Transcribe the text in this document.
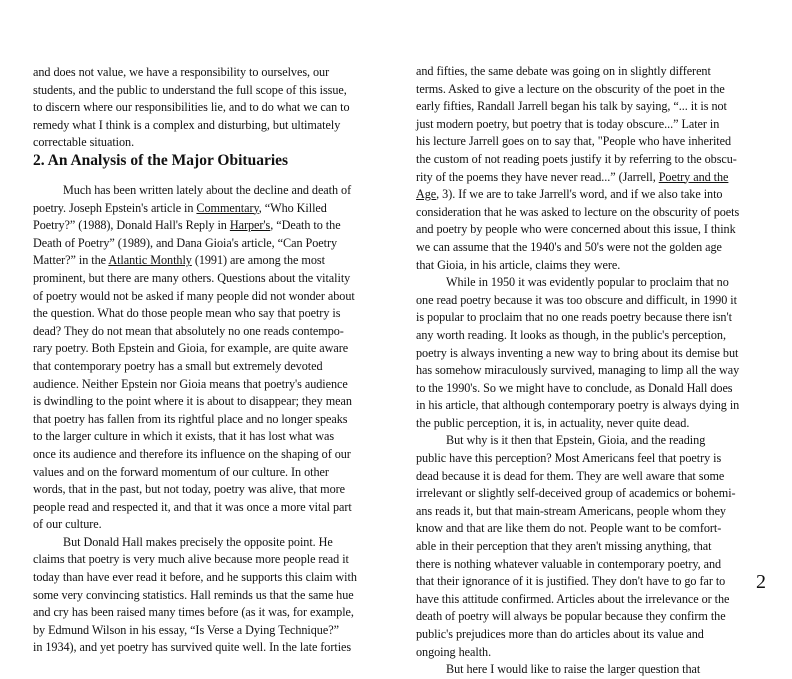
and does not value, we have a responsibility to ourselves, our
students, and the public to understand the full scope of this issue,
to discern where our responsibilities lie, and to do what we can to
remedy what I think is a complex and disturbing, but ultimately
correctable situation.
2. An Analysis of the Major Obituaries
Much has been written lately about the decline and death of
poetry. Joseph Epstein's article in Commentary, “Who Killed
Poetry?” (1988), Donald Hall's Reply in Harper's, “Death to the
Death of Poetry” (1989), and Dana Gioia's article, “Can Poetry
Matter?” in the Atlantic Monthly (1991) are among the most
prominent, but there are many others. Questions about the vitality
of poetry would not be asked if many people did not wonder about
the question. What do those people mean who say that poetry is
dead? They do not mean that absolutely no one reads contempo-
rary poetry. Both Epstein and Gioia, for example, are quite aware
that contemporary poetry has a small but extremely devoted
audience. Neither Epstein nor Gioia means that poetry's audience
is dwindling to the point where it is about to disappear; they mean
that poetry has fallen from its rightful place and no longer speaks
to the larger culture in which it exists, that it has lost what was
once its audience and therefore its influence on the shaping of our
values and on the forward momentum of our culture. In other
words, that in the past, but not today, poetry was alive, that more
people read and respected it, and that it was once a more vital part
of our culture.
But Donald Hall makes precisely the opposite point. He
claims that poetry is very much alive because more people read it
today than have ever read it before, and he supports this claim with
some very convincing statistics. Hall reminds us that the same hue
and cry has been raised many times before (as it was, for example,
by Edmund Wilson in his essay, “Is Verse a Dying Technique?”
in 1934), and yet poetry has survived quite well. In the late forties
and fifties, the same debate was going on in slightly different
terms. Asked to give a lecture on the obscurity of the poet in the
early fifties, Randall Jarrell began his talk by saying, “... it is not
just modern poetry, but poetry that is today obscure...” Later in
his lecture Jarrell goes on to say that, "People who have inherited
the custom of not reading poets justify it by referring to the obscu-
rity of the poems they have never read...” (Jarrell, Poetry and the
Age, 3). If we are to take Jarrell's word, and if we also take into
consideration that he was asked to lecture on the obscurity of poets
and poetry by people who were concerned about this issue, I think
we can assume that the 1940's and 50's were not the golden age
that Gioia, in his article, claims they were.
While in 1950 it was evidently popular to proclaim that no
one read poetry because it was too obscure and difficult, in 1990 it
is popular to proclaim that no one reads poetry because there isn't
any worth reading. It looks as though, in the public's perception,
poetry is always inventing a new way to bring about its demise but
has somehow miraculously survived, managing to limp all the way
to the 1990's. So we might have to conclude, as Donald Hall does
in his article, that although contemporary poetry is always dying in
the public perception, it is, in actuality, never quite dead.
But why is it then that Epstein, Gioia, and the reading
public have this perception? Most Americans feel that poetry is
dead because it is dead for them. They are well aware that some
irrelevant or slightly self-deceived group of academics or bohemi-
ans reads it, but that main-stream Americans, people whom they
know and that are like them do not. People want to be comfort-
able in their perception that they aren't missing anything, that
there is nothing whatever valuable in contemporary poetry, and
that their ignorance of it is justified. They don't have to go far to
have this attitude confirmed. Articles about the irrelevance or the
death of poetry will always be popular because they confirm the
public's prejudices more than do articles about its value and
ongoing health.
But here I would like to raise the larger question that
2
